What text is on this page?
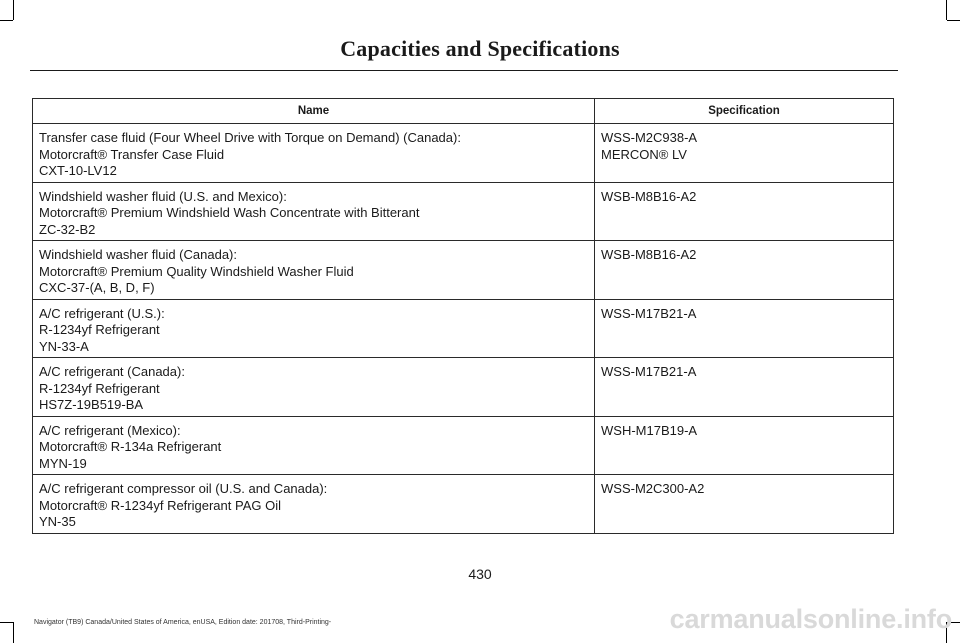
Capacities and Specifications
Name	Specification

Transfer case fluid (Four Wheel Drive with Torque on Demand) (Canada):
Motorcraft® Transfer Case Fluid
CXT-10-LV12	WSS-M2C938-A
MERCON® LV

Windshield washer fluid (U.S. and Mexico):
Motorcraft® Premium Windshield Wash Concentrate with Bitterant
ZC-32-B2	WSB-M8B16-A2

Windshield washer fluid (Canada):
Motorcraft® Premium Quality Windshield Washer Fluid
CXC-37-(A, B, D, F)	WSB-M8B16-A2

A/C refrigerant (U.S.):
R-1234yf Refrigerant
YN-33-A	WSS-M17B21-A

A/C refrigerant (Canada):
R-1234yf Refrigerant
HS7Z-19B519-BA	WSS-M17B21-A

A/C refrigerant (Mexico):
Motorcraft® R-134a Refrigerant
MYN-19	WSH-M17B19-A

A/C refrigerant compressor oil (U.S. and Canada):
Motorcraft® R-1234yf Refrigerant PAG Oil
YN-35	WSS-M2C300-A2
430
Navigator (TB9) Canada/United States of America, enUSA, Edition date: 201708, Third-Printing-	carmanualsonline.info
